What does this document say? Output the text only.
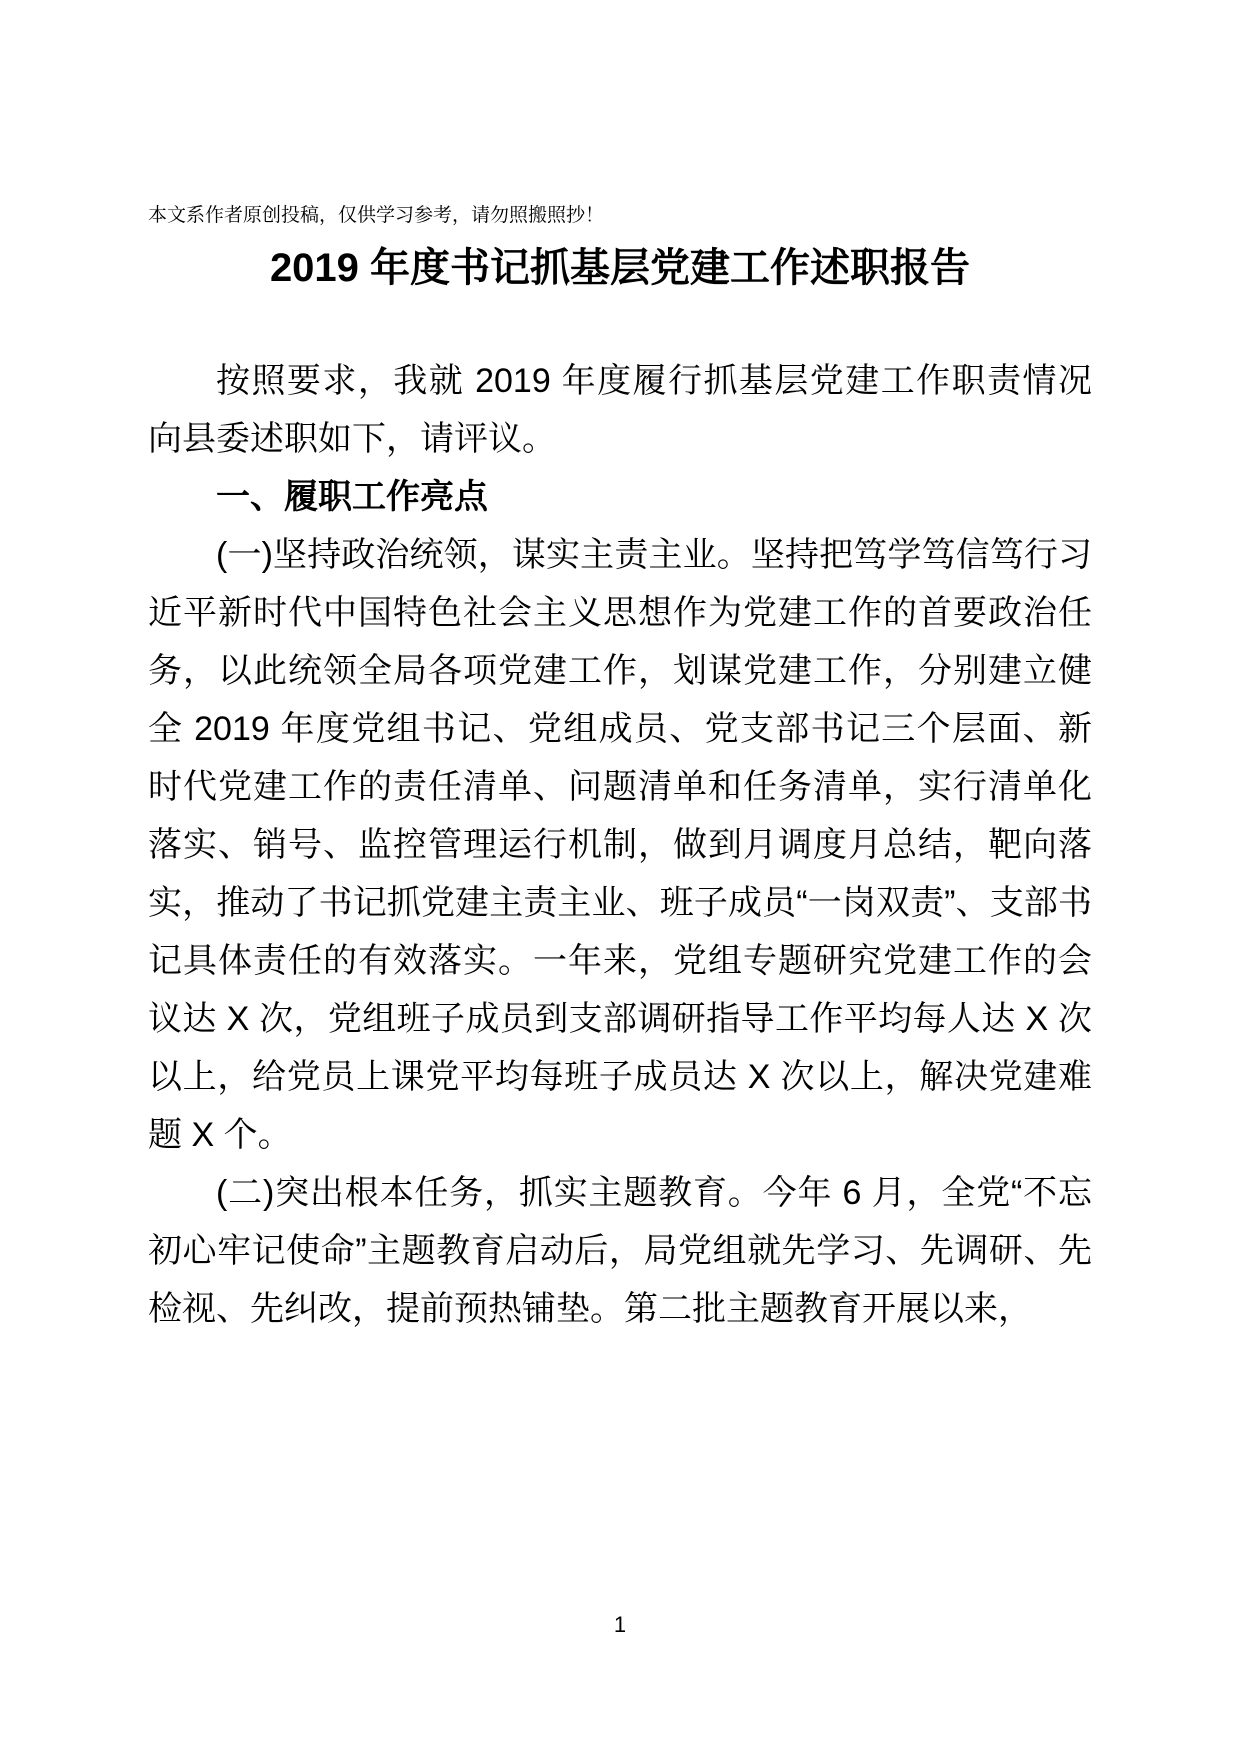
本文系作者原创投稿，仅供学习参考，请勿照搬照抄！
2019 年度书记抓基层党建工作述职报告

按照要求，我就 2019 年度履行抓基层党建工作职责情况向县委述职如下，请评议。

一、履职工作亮点

(一)坚持政治统领，谋实主责主业。坚持把笃学笃信笃行习近平新时代中国特色社会主义思想作为党建工作的首要政治任务，以此统领全局各项党建工作，划谋党建工作，分别建立健全 2019 年度党组书记、党组成员、党支部书记三个层面、新时代党建工作的责任清单、问题清单和任务清单，实行清单化落实、销号、监控管理运行机制，做到月调度月总结，靶向落实，推动了书记抓党建主责主业、班子成员“一岗双责”、支部书记具体责任的有效落实。一年来，党组专题研究党建工作的会议达 X 次，党组班子成员到支部调研指导工作平均每人达 X 次以上，给党员上课党平均每班子成员达 X 次以上，解决党建难题 X 个。

(二)突出根本任务，抓实主题教育。今年 6 月，全党“不忘初心牢记使命”主题教育启动后，局党组就先学习、先调研、先检视、先纠改，提前预热铺垫。第二批主题教育开展以来，

1
